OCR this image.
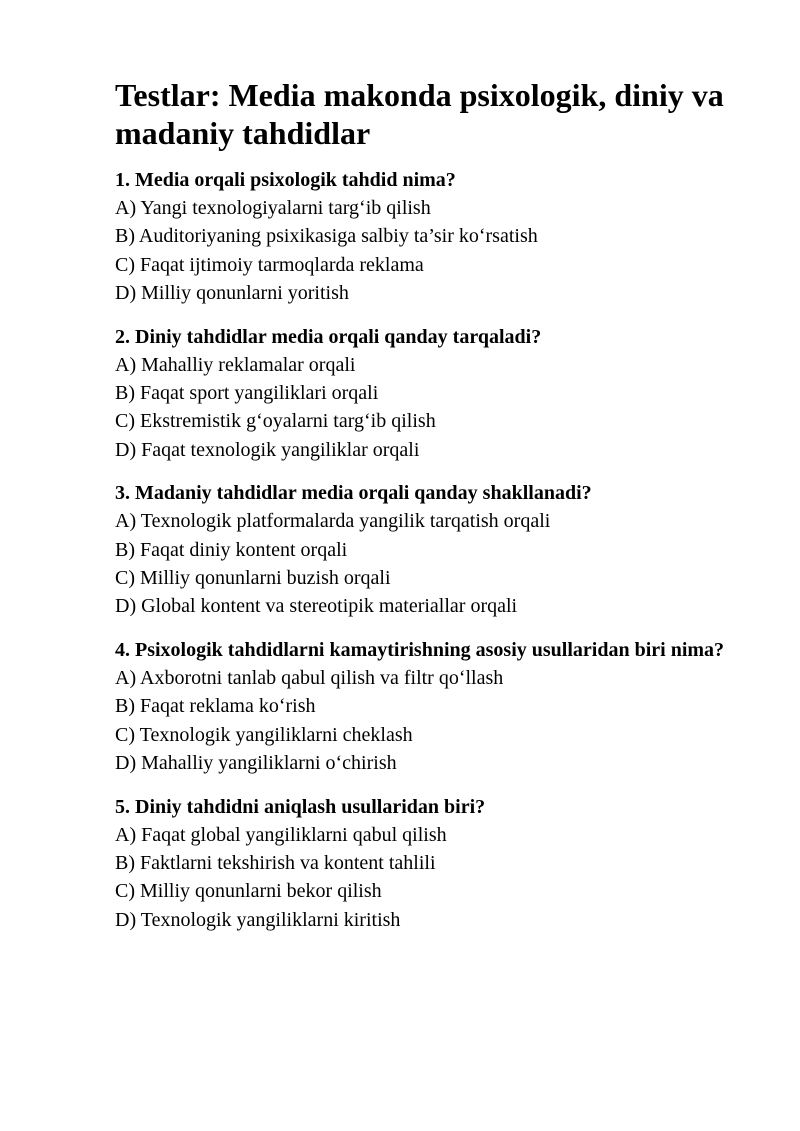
Testlar: Media makonda psixologik, diniy va madaniy tahdidlar

1. Media orqali psixologik tahdid nima?

A) Yangi texnologiyalarni targ‘ib qilish

B) Auditoriyaning psixikasiga salbiy ta’sir ko‘rsatish

C) Faqat ijtimoiy tarmoqlarda reklama

D) Milliy qonunlarni yoritish

2. Diniy tahdidlar media orqali qanday tarqaladi?

A) Mahalliy reklamalar orqali

B) Faqat sport yangiliklari orqali

C) Ekstremistik g‘oyalarni targ‘ib qilish

D) Faqat texnologik yangiliklar orqali

3. Madaniy tahdidlar media orqali qanday shakllanadi?

A) Texnologik platformalarda yangilik tarqatish orqali

B) Faqat diniy kontent orqali

C) Milliy qonunlarni buzish orqali

D) Global kontent va stereotipik materiallar orqali

4. Psixologik tahdidlarni kamaytirishning asosiy usullaridan biri nima?

A) Axborotni tanlab qabul qilish va filtr qo‘llash

B) Faqat reklama ko‘rish

C) Texnologik yangiliklarni cheklash

D) Mahalliy yangiliklarni o‘chirish

5. Diniy tahdidni aniqlash usullaridan biri?

A) Faqat global yangiliklarni qabul qilish

B) Faktlarni tekshirish va kontent tahlili

C) Milliy qonunlarni bekor qilish

D) Texnologik yangiliklarni kiritish
